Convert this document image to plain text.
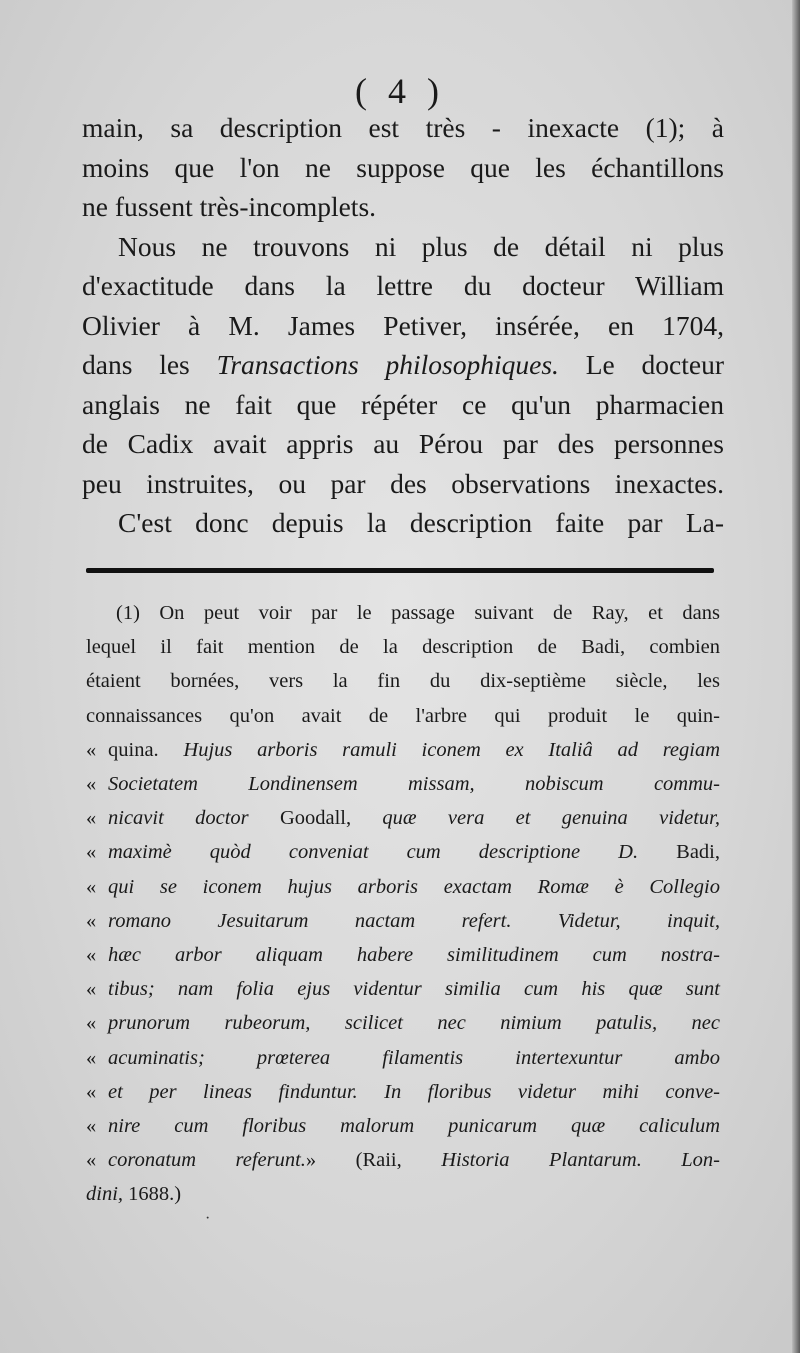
( 4 )
main, sa description est très - inexacte (1); à
moins que l'on ne suppose que les échantillons
ne fussent très-incomplets.
Nous ne trouvons ni plus de détail ni plus
d'exactitude dans la lettre du docteur William
Olivier à M. James Petiver, insérée, en 1704,
dans les Transactions philosophiques. Le docteur
anglais ne fait que répéter ce qu'un pharmacien
de Cadix avait appris au Pérou par des personnes
peu instruites, ou par des observations inexactes.
C'est donc depuis la description faite par La-
(1) On peut voir par le passage suivant de Ray, et dans
lequel il fait mention de la description de Badi, combien
étaient bornées, vers la fin du dix-septième siècle, les
connaissances qu'on avait de l'arbre qui produit le quin-
« quina. Hujus arboris ramuli iconem ex Italiâ ad regiam
« Societatem Londinensem missam, nobiscum commu-
« nicavit doctor Goodall, quæ vera et genuina videtur,
« maximè quòd conveniat cum descriptione D. Badi,
« qui se iconem hujus arboris exactam Romæ è Collegio
« romano Jesuitarum nactam refert. Videtur, inquit,
« hæc arbor aliquam habere similitudinem cum nostra-
« tibus; nam folia ejus videntur similia cum his quæ sunt
« prunorum rubeorum, scilicet nec nimium patulis, nec
« acuminatis; prœterea filamentis intertexuntur ambo
« et per lineas finduntur. In floribus videtur mihi conve-
« nire cum floribus malorum punicarum quæ caliculum
« coronatum referunt.» (Raii, Historia Plantarum. Lon-
dini, 1688.)
·
